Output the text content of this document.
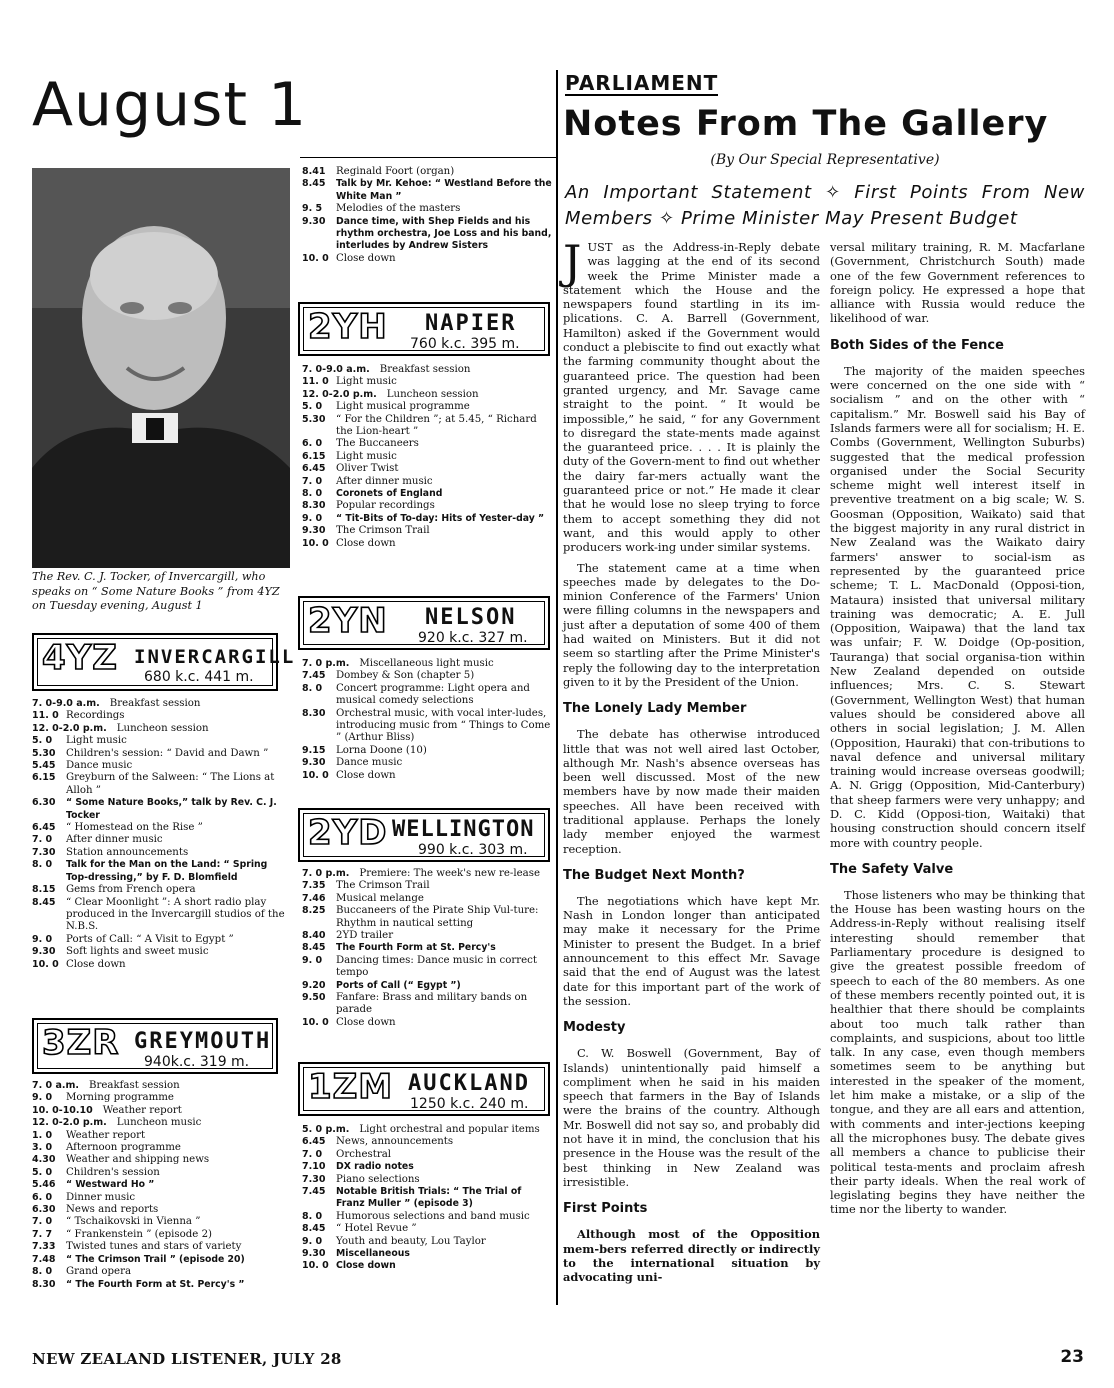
August 1
The Rev. C. J. Tocker, of Invercargill, who speaks on “ Some Nature Books ” from 4YZ on Tuesday evening, August 1
4YZ INVERCARGILL
680 k.c. 441 m.
7. 0-9.0 a.m. Breakfast session
11. 0 Recordings
12. 0-2.0 p.m. Luncheon session
5. 0	Light music
5.30	Children's session: “ David and Dawn ”
5.45	Dance music
6.15	Greyburn of the Salween: “ The Lions at Alloh ”
6.30	“ Some Nature Books,” talk by Rev. C. J. Tocker
6.45	“ Homestead on the Rise ”
7. 0	After dinner music
7.30	Station announcements
8. 0	Talk for the Man on the Land: “ Spring Top-dressing,” by F. D. Blomfield
8.15	Gems from French opera
8.45	“ Clear Moonlight ”: A short radio play produced in the Invercargill studios of the N.B.S.
9. 0	Ports of Call: “ A Visit to Egypt ”
9.30	Soft lights and sweet music
10. 0 Close down
3ZR GREYMOUTH
940k.c. 319 m.
7. 0 a.m. Breakfast session
9. 0	Morning programme
10. 0-10.10 Weather report
12. 0-2.0 p.m. Luncheon music
1. 0	Weather report
3. 0	Afternoon programme
4.30	Weather and shipping news
5. 0	Children's session
5.46	“ Westward Ho ”
6. 0	Dinner music
6.30	News and reports
7. 0	“ Tschaikovski in Vienna ”
7. 7	“ Frankenstein ” (episode 2)
7.33	Twisted tunes and stars of variety
7.48	“ The Crimson Trail ” (episode 20)
8. 0	Grand opera
8.30	“ The Fourth Form at St. Percy's ”
8.41	Reginald Foort (organ)
8.45	Talk by Mr. Kehoe: “ Westland Before the White Man ”
9. 5	Melodies of the masters
9.30	Dance time, with Shep Fields and his rhythm orchestra, Joe Loss and his band, interludes by Andrew Sisters
10. 0 Close down
2YH NAPIER
760 k.c. 395 m.
7. 0-9.0 a.m. Breakfast session
11. 0 Light music
12. 0-2.0 p.m. Luncheon session
5. 0	Light musical programme
5.30	“ For the Children ”; at 5.45, “ Richard the Lion-heart ”
6. 0	The Buccaneers
6.15	Light music
6.45	Oliver Twist
7. 0	After dinner music
8. 0	Coronets of England
8.30	Popular recordings
9. 0	“ Tit-Bits of To-day: Hits of Yester-day ”
9.30	The Crimson Trail
10. 0 Close down
2YN NELSON
920 k.c. 327 m.
7. 0 p.m. Miscellaneous light music
7.45	Dombey & Son (chapter 5)
8. 0	Concert programme: Light opera and musical comedy selections
8.30	Orchestral music, with vocal inter-ludes, introducing music from “ Things to Come ” (Arthur Bliss)
9.15	Lorna Doone (10)
9.30	Dance music
10. 0 Close down
2YD WELLINGTON
990 k.c. 303 m.
7. 0 p.m. Premiere: The week's new re-lease
7.35	The Crimson Trail
7.46	Musical melange
8.25	Buccaneers of the Pirate Ship Vul-ture: Rhythm in nautical setting
8.40	2YD trailer
8.45	The Fourth Form at St. Percy's
9. 0	Dancing times: Dance music in correct tempo
9.20	Ports of Call (“ Egypt ”)
9.50	Fanfare: Brass and military bands on parade
10. 0 Close down
1ZM AUCKLAND
1250 k.c. 240 m.
5. 0 p.m. Light orchestral and popular items
6.45	News, announcements
7. 0	Orchestral
7.10	DX radio notes
7.30	Piano selections
7.45	Notable British Trials: “ The Trial of Franz Muller ” (episode 3)
8. 0	Humorous selections and band music
8.45	“ Hotel Revue ”
9. 0	Youth and beauty, Lou Taylor
9.30	Miscellaneous
10. 0 Close down
PARLIAMENT
Notes From The Gallery
(By Our Special Representative)
An Important Statement ✧ First Points From New Members ✧ Prime Minister May Present Budget

JUST as the Address-in-Reply debate was lagging at the end of its second week the Prime Minister made a statement which the House and the newspapers found startling in its im-plications. C. A. Barrell (Government, Hamilton) asked if the Government would conduct a plebiscite to find out exactly what the farming community thought about the guaranteed price. The question had been granted urgency, and Mr. Savage came straight to the point. “ It would be impossible,” he said, “ for any Government to disregard the state-ments made against the guaranteed price. . . . It is plainly the duty of the Govern-ment to find out whether the dairy far-mers actually want the guaranteed price or not.” He made it clear that he would lose no sleep trying to force them to accept something they did not want, and this would apply to other producers work-ing under similar systems.

The statement came at a time when speeches made by delegates to the Do-minion Conference of the Farmers' Union were filling columns in the newspapers and just after a deputation of some 400 of them had waited on Ministers. But it did not seem so startling after the Prime Minister's reply the following day to the interpretation given to it by the President of the Union.

The Lonely Lady Member

The debate has otherwise introduced little that was not well aired last October, although Mr. Nash's absence overseas has been well discussed. Most of the new members have by now made their maiden speeches. All have been received with traditional applause. Perhaps the lonely lady member enjoyed the warmest reception.

The Budget Next Month?

The negotiations which have kept Mr. Nash in London longer than anticipated may make it necessary for the Prime Minister to present the Budget. In a brief announcement to this effect Mr. Savage said that the end of August was the latest date for this important part of the work of the session.

Modesty

C. W. Boswell (Government, Bay of Islands) unintentionally paid himself a compliment when he said in his maiden speech that farmers in the Bay of Islands were the brains of the country. Although Mr. Boswell did not say so, and probably did not have it in mind, the conclusion that his presence in the House was the result of the best thinking in New Zealand was irresistible.

First Points

Although most of the Opposition mem-bers referred directly or indirectly to the international situation by advocating uni-

versal military training, R. M. Macfarlane (Government, Christchurch South) made one of the few Government references to foreign policy. He expressed a hope that alliance with Russia would reduce the likelihood of war.

Both Sides of the Fence

The majority of the maiden speeches were concerned on the one side with “ socialism ” and on the other with “ capitalism.” Mr. Boswell said his Bay of Islands farmers were all for socialism; H. E. Combs (Government, Wellington Suburbs) suggested that the medical profession organised under the Social Security scheme might well interest itself in preventive treatment on a big scale; W. S. Goosman (Opposition, Waikato) said that the biggest majority in any rural district in New Zealand was the Waikato dairy farmers' answer to social-ism as represented by the guaranteed price scheme; T. L. MacDonald (Opposi-tion, Mataura) insisted that universal military training was democratic; A. E. Jull (Opposition, Waipawa) that the land tax was unfair; F. W. Doidge (Op-position, Tauranga) that social organisa-tion within New Zealand depended on outside influences; Mrs. C. S. Stewart (Government, Wellington West) that human values should be considered above all others in social legislation; J. M. Allen (Opposition, Hauraki) that con-tributions to naval defence and universal military training would increase overseas goodwill; A. N. Grigg (Opposition, Mid-Canterbury) that sheep farmers were very unhappy; and D. C. Kidd (Opposi-tion, Waitaki) that housing construction should concern itself more with country people.

The Safety Valve

Those listeners who may be thinking that the House has been wasting hours on the Address-in-Reply without realising itself interesting should remember that Parliamentary procedure is designed to give the greatest possible freedom of speech to each of the 80 members. As one of these members recently pointed out, it is healthier that there should be complaints about too much talk rather than complaints, and suspicions, about too little talk. In any case, even though members sometimes seem to be anything but interested in the speaker of the moment, let him make a mistake, or a slip of the tongue, and they are all ears and attention, with comments and inter-jections keeping all the microphones busy. The debate gives all members a chance to publicise their political testa-ments and proclaim afresh their party ideals. When the real work of legislating begins they have neither the time nor the liberty to wander.

NEW ZEALAND LISTENER, JULY 28	23
